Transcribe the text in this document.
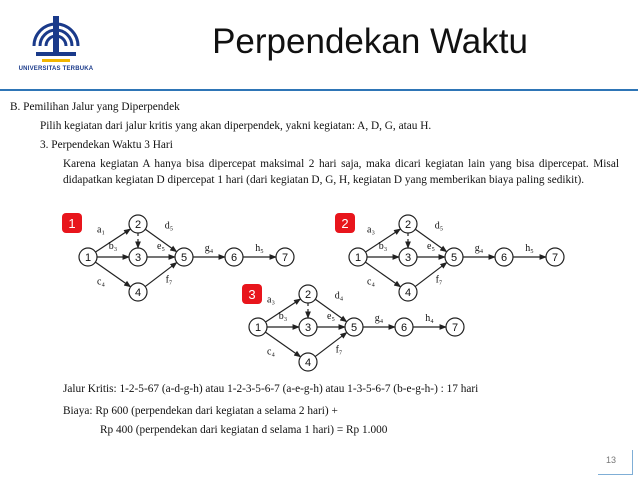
UNIVERSITAS TERBUKA
Perpendekan Waktu
B. Pemilihan Jalur yang Diperpendek
Pilih kegiatan dari jalur kritis yang akan diperpendek, yakni kegiatan: A, D, G, atau H.
3. Perpendekan Waktu 3 Hari
Karena kegiatan A hanya bisa dipercepat maksimal 2 hari saja, maka dicari kegiatan lain yang bisa dipercepat. Misal didapatkan kegiatan D dipercepat 1 hari (dari kegiatan D, G, H, kegiatan D yang memberikan biaya paling sedikit).
a₁
b₃
c₄
d₅
e₅
f₇
g₄	h₅
1
2
3
4
5	6	7
1	a₃
b₃
c₄
d₅
e₅
f₇
g₄	h₅
1
2
3
4
5	6	7
2
a₃
b₃
c₄
d₄
e₅
f₇
g₄	h₄
1
2
3
4
5	6	7
3
Jalur Kritis: 1-2-5-67 (a-d-g-h) atau 1-2-3-5-6-7 (a-e-g-h) atau 1-3-5-6-7 (b-e-g-h-) : 17 hari
Biaya: Rp 600 (perpendekan dari kegiatan a selama 2 hari) +
Rp 400 (perpendekan dari kegiatan d selama 1 hari) = Rp 1.000
13
